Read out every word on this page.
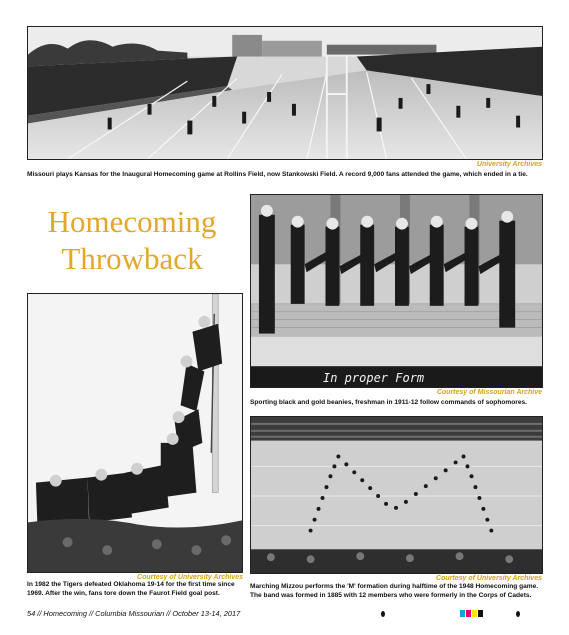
University Archives
Missouri plays Kansas for the Inaugural Homecoming game at Rollins Field, now Stankowski Field. A record 9,000 fans attended the game, which ended in a tie.
Homecoming
Throwback
In proper Form
Courtesy of Missourian Archive
Sporting black and gold beanies, freshman in 1911-12 follow commands of sophomores.
Courtesy of University Archives
In 1982 the Tigers defeated Oklahoma 19-14 for the first time since 1969. After the win, fans tore down the Faurot Field goal post.
Courtesy of University Archives
Marching Mizzou performs the 'M' formation during halftime of the 1948 Homecoming game. The band was formed in 1885 with 12 members who were formerly in the Corps of Cadets.
54 // Homecoming // Columbia Missourian // October 13-14, 2017
